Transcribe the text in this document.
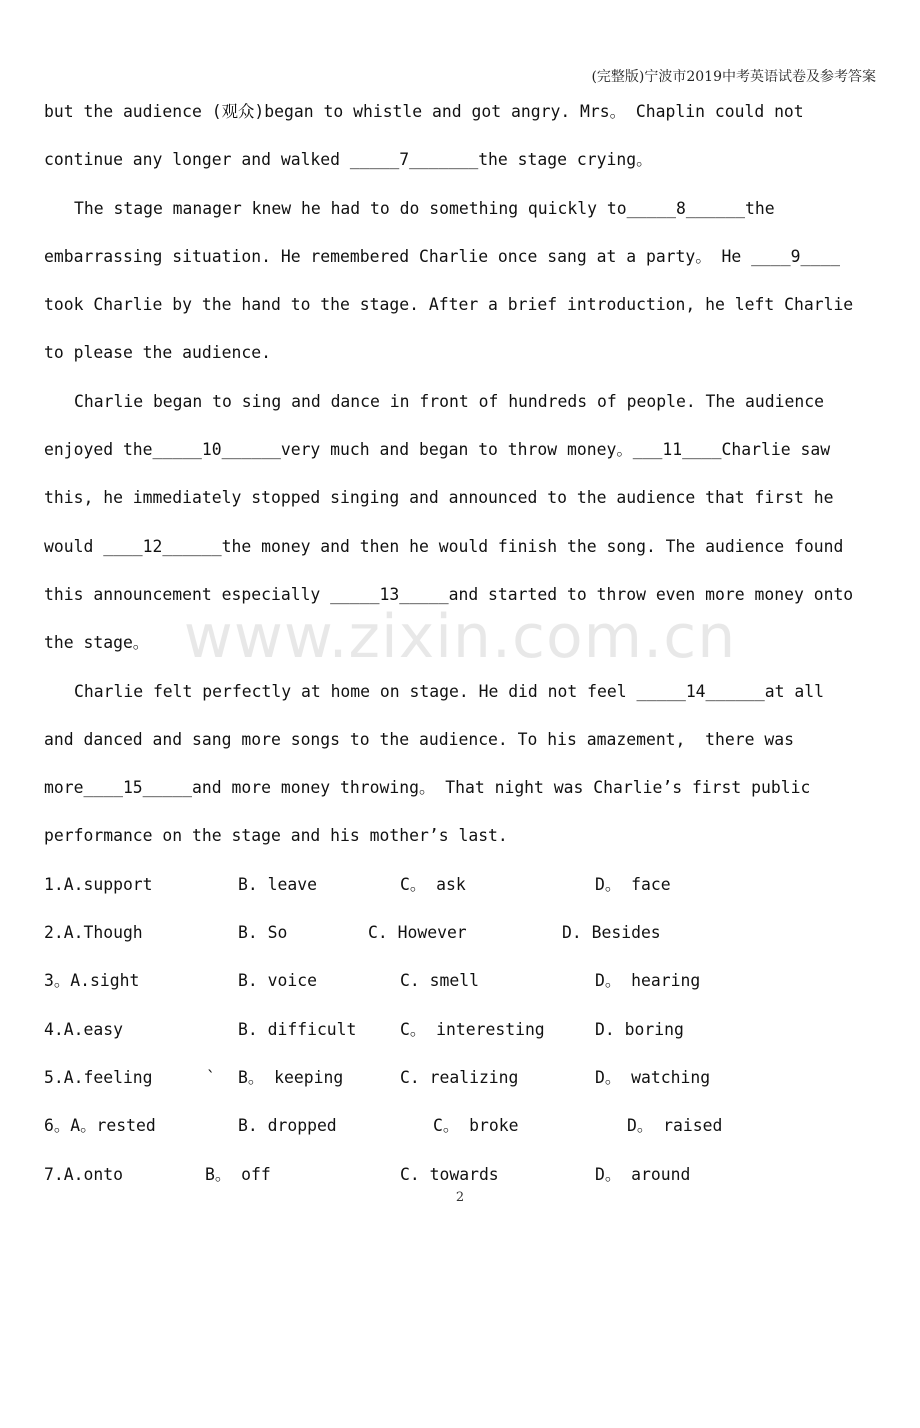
(完整版)宁波市2019中考英语试卷及参考答案
www.zixin.com.cn
but the audience (观众)began to whistle and got angry. Mrs。 Chaplin could not
continue any longer and walked _____7_______the stage crying。
The stage manager knew he had to do something quickly to_____8______the
embarrassing situation. He remembered Charlie once sang at a party。 He ____9____
took Charlie by the hand to the stage. After a brief introduction, he left Charlie
to please the audience.
Charlie began to sing and dance in front of hundreds of people. The audience
enjoyed the_____10______very much and began to throw money。___11____Charlie saw
this, he immediately stopped singing and announced to the audience that first he
would ____12______the money and then he would finish the song. The audience found
this announcement especially _____13_____and started to throw even more money onto
the stage。
Charlie felt perfectly at home on stage. He did not feel _____14______at all
and danced and sang more songs to the audience. To his amazement,  there was
more____15_____and more money throwing。 That night was Charlie’s first public
performance on the stage and his mother’s last.

1.A.support

	B. leave

	C。 ask

	D。 face

2.A.Though

	B. So

	C. However

	D. Besides

3。A.sight

	B. voice

	C. smell

	D。 hearing

4.A.easy

	B. difficult

	C。 interesting

	D. boring

5.A.feeling

	`

B。 keeping

	C. realizing

	D。 watching

6。A。rested

	B. dropped

	C。 broke

	D。 raised

7.A.onto

	B。 off

	C. towards

	D。 around

2
